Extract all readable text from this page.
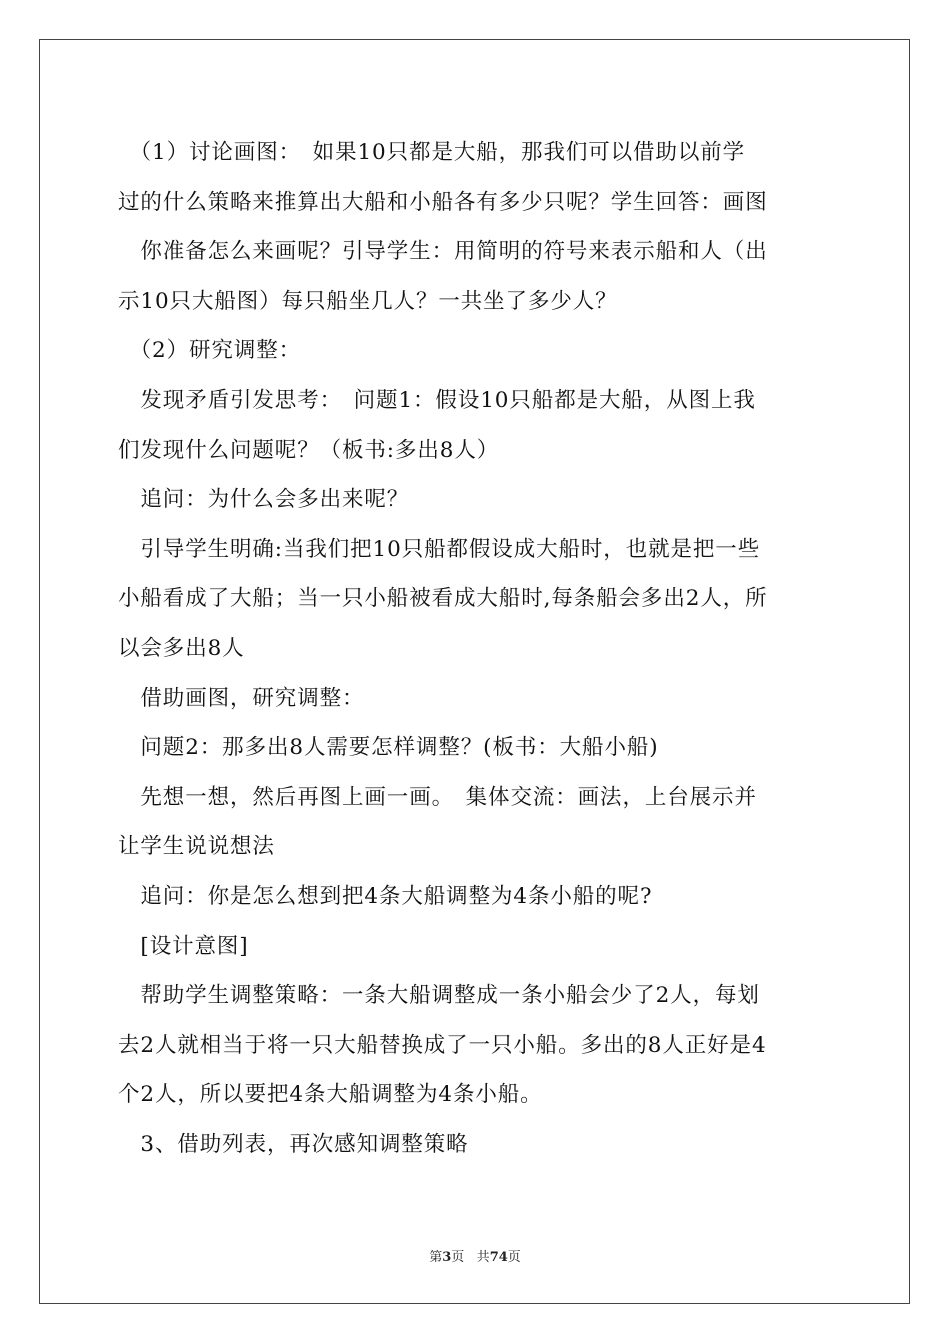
　（1）讨论画图：　如果10只都是大船，那我们可以借助以前学
过的什么策略来推算出大船和小船各有多少只呢？学生回答：画图
　你准备怎么来画呢？引导学生：用简明的符号来表示船和人（出
示10只大船图）每只船坐几人？一共坐了多少人？
　（2）研究调整：
　发现矛盾引发思考：　问题1：假设10只船都是大船，从图上我
们发现什么问题呢？（板书:多出8人）
　追问：为什么会多出来呢？
　引导学生明确:当我们把10只船都假设成大船时，也就是把一些
小船看成了大船；当一只小船被看成大船时,每条船会多出2人，所
以会多出8人
　借助画图，研究调整：
　问题2：那多出8人需要怎样调整？(板书：大船小船)
　先想一想，然后再图上画一画。　集体交流：画法，上台展示并
让学生说说想法
　追问：你是怎么想到把4条大船调整为4条小船的呢?
　[设计意图]
　帮助学生调整策略：一条大船调整成一条小船会少了2人，每划
去2人就相当于将一只大船替换成了一只小船。多出的8人正好是4
个2人，所以要把4条大船调整为4条小船。
　3、借助列表，再次感知调整策略
第3页 共74页
